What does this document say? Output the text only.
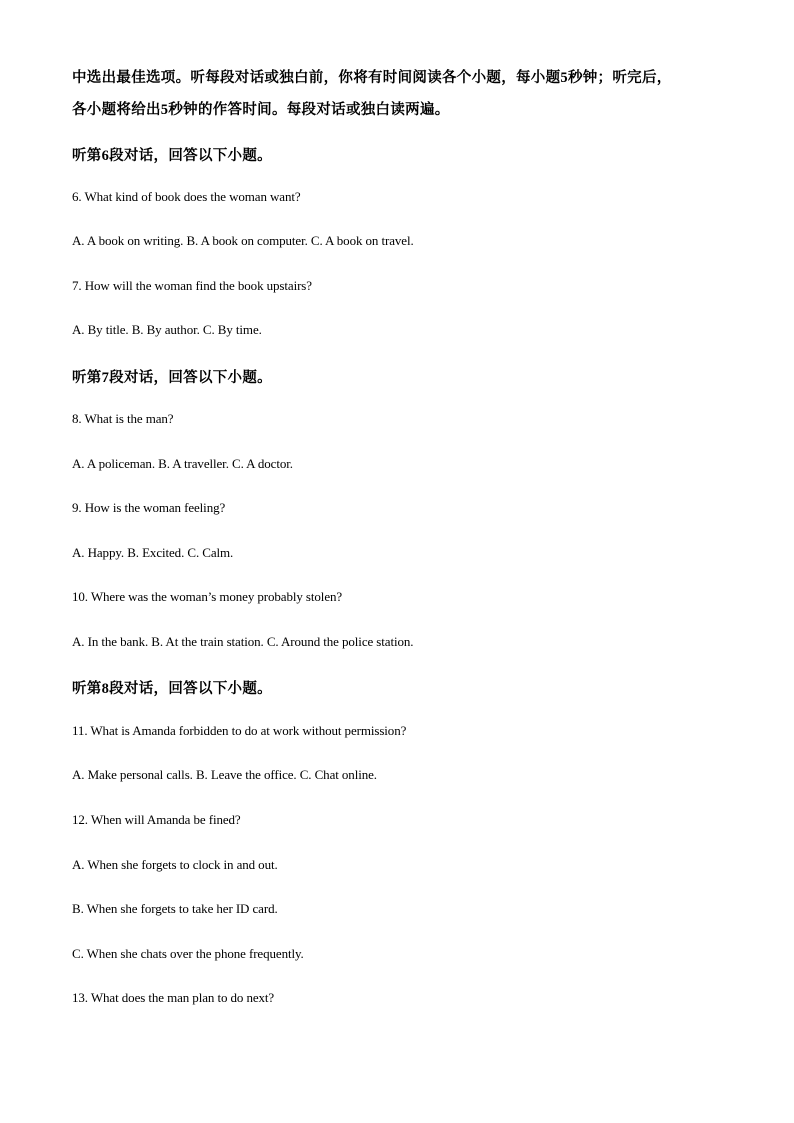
中选出最佳选项。听每段对话或独白前，你将有时间阅读各个小题，每小题5秒钟；听完后，

各小题将给出5秒钟的作答时间。每段对话或独白读两遍。

听第6段对话，回答以下小题。

6. What kind of book does the woman want?

A. A book on writing. B. A book on computer. C. A book on travel.

7. How will the woman find the book upstairs?

A. By title. B. By author. C. By time.

听第7段对话，回答以下小题。

8. What is the man?

A. A policeman. B. A traveller. C. A doctor.

9. How is the woman feeling?

A. Happy. B. Excited. C. Calm.

10. Where was the woman’s money probably stolen?

A. In the bank. B. At the train station. C. Around the police station.

听第8段对话，回答以下小题。

11. What is Amanda forbidden to do at work without permission?

A. Make personal calls. B. Leave the office. C. Chat online.

12. When will Amanda be fined?

A. When she forgets to clock in and out.

B. When she forgets to take her ID card.

C. When she chats over the phone frequently.

13. What does the man plan to do next?
